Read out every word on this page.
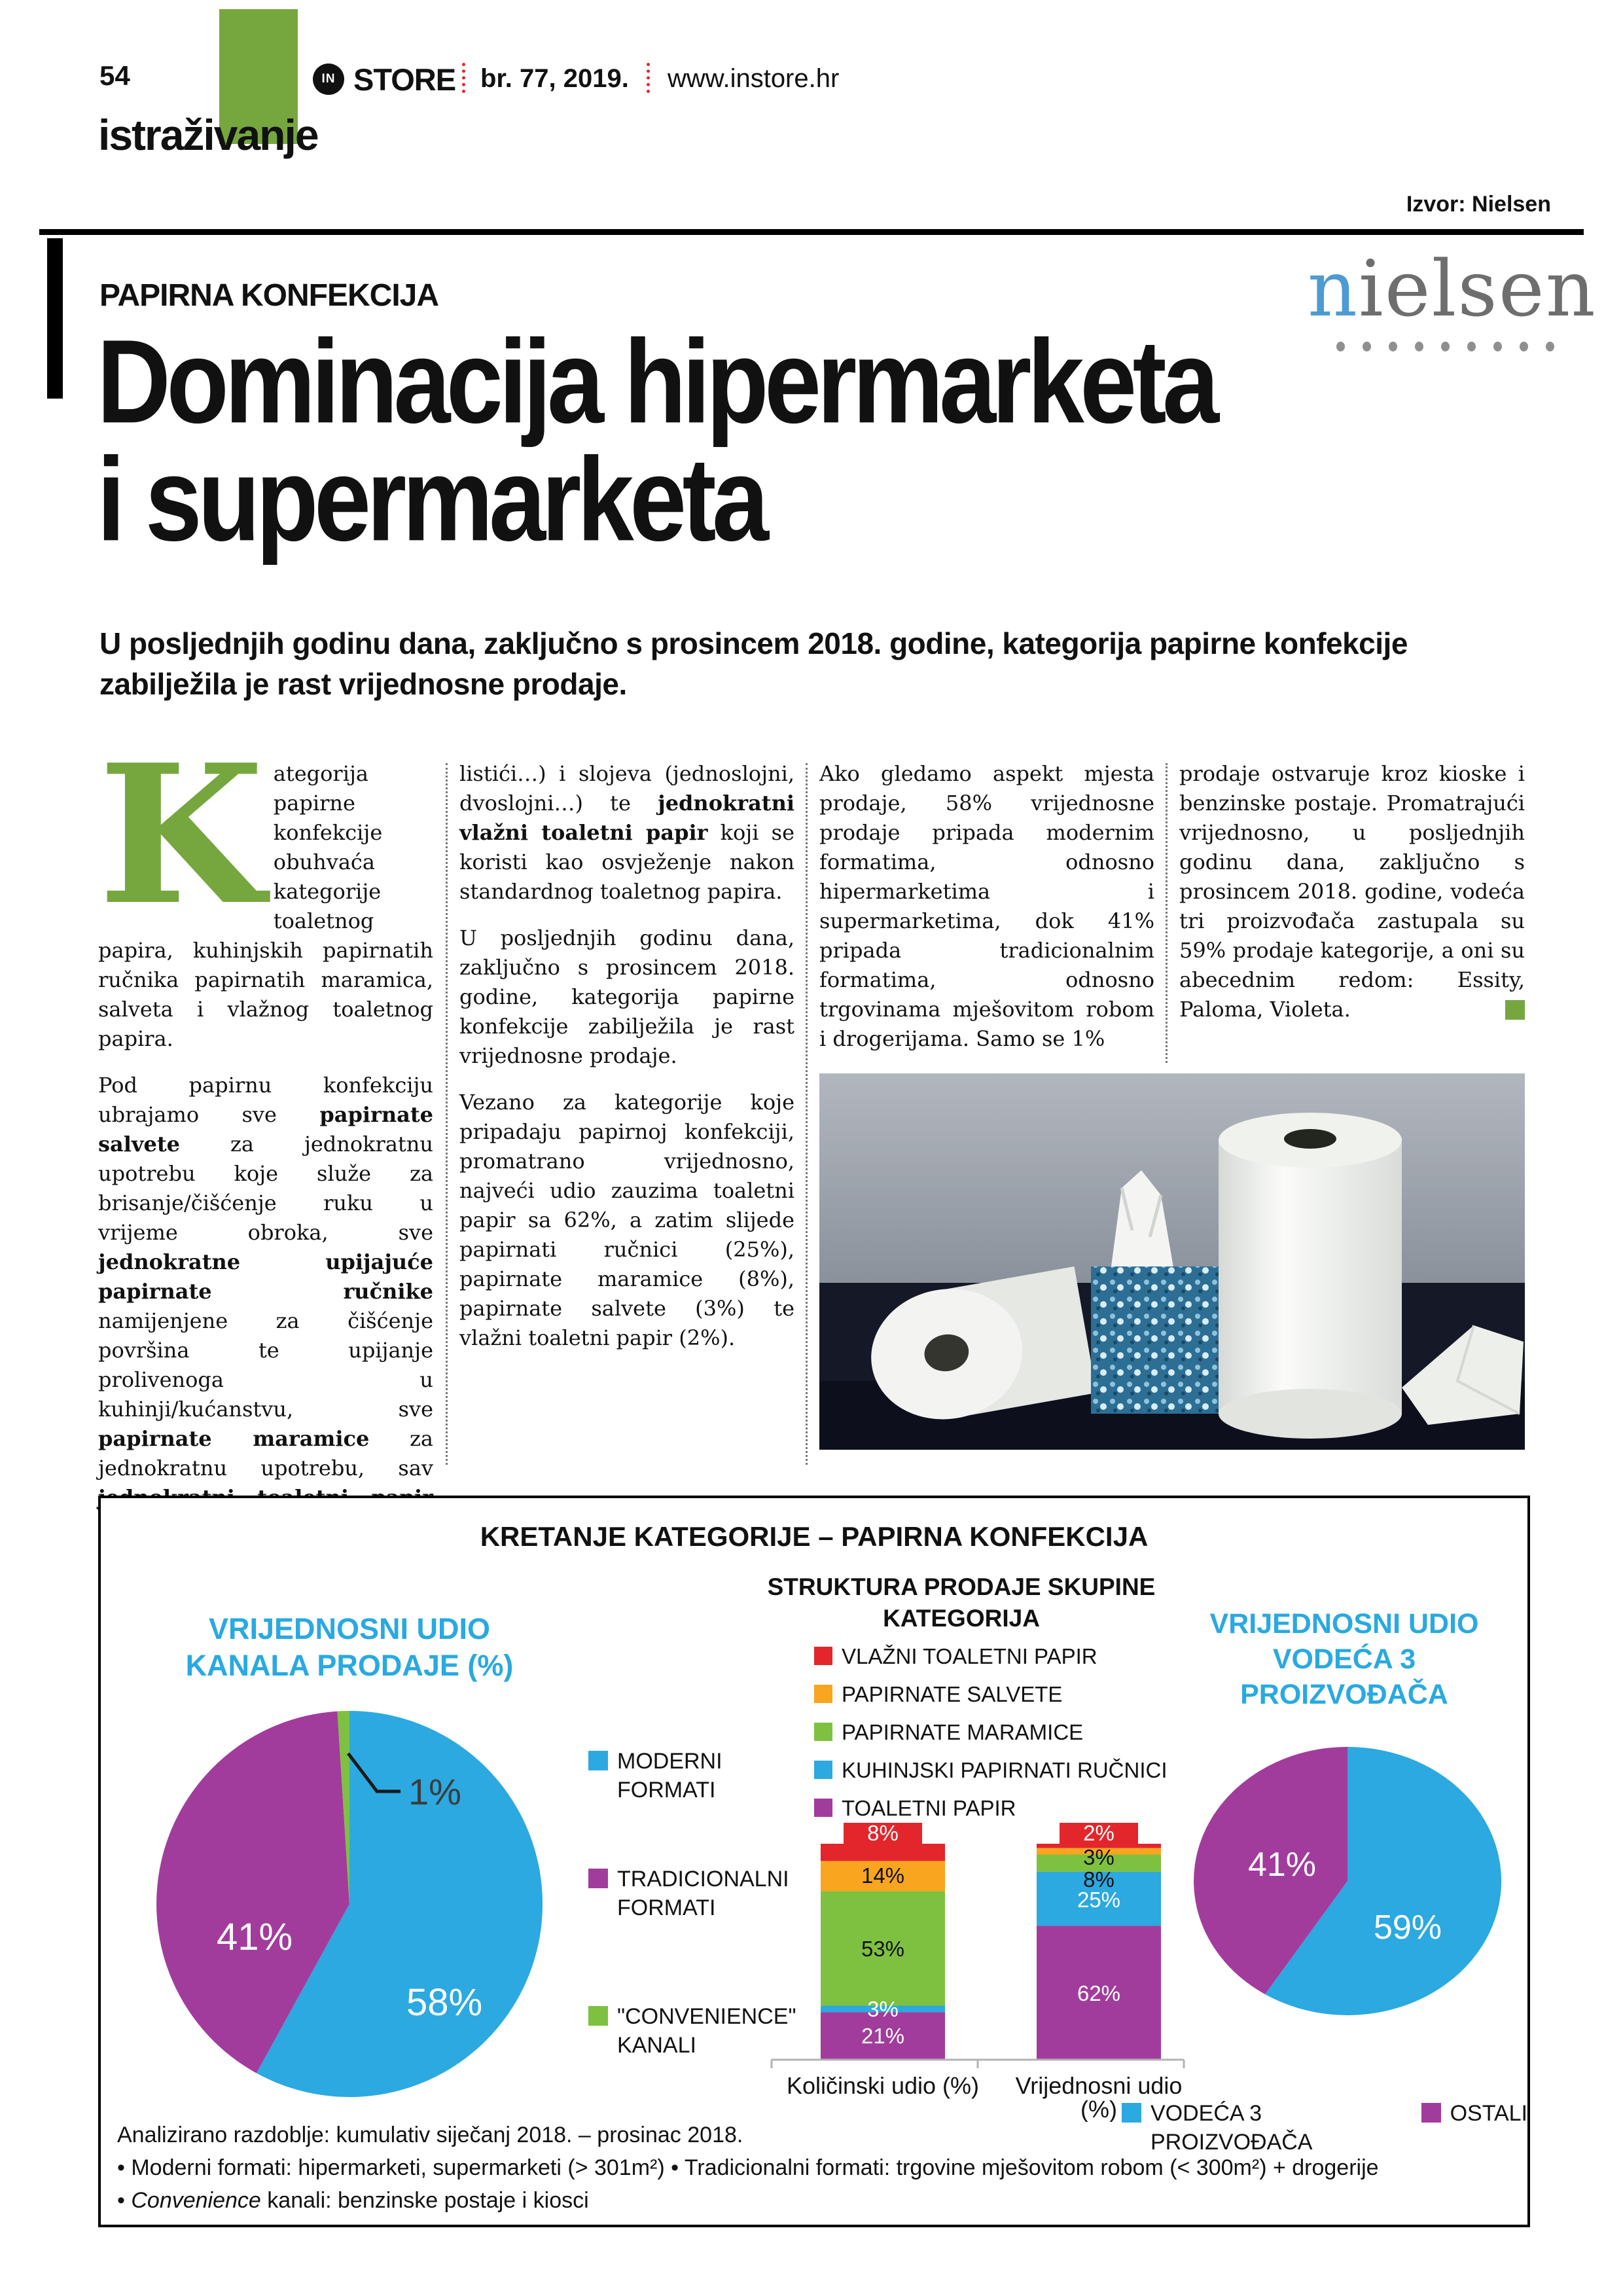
54	IN STORE br. 77, 2019. www.instore.hr
istraživanje
Izvor: Nielsen
PAPIRNA KONFEKCIJA	nielsen
Dominacija hipermarketa
i supermarketa
U posljednjih godinu dana, zaključno s prosincem 2018. godine, kategorija papirne konfekcije zabilježila je rast vrijednosne prodaje.

Kategorija papirne konfekcije obuhvaća kategorije toaletnog papira, kuhinjskih papirnatih ručnika papirnatih maramica, salveta i vlažnog toaletnog papira.

Pod papirnu konfekciju ubrajamo sve papirnate salvete za jednokratnu upotrebu koje služe za brisanje/čišćenje ruku u vrijeme obroka, sve jednokratne upijajuće papirnate ručnike namijenjene za čišćenje površina te upijanje prolivenoga u kuhinji/kućanstvu, sve papirnate maramice za jednokratnu upotrebu, sav

listići…) i slojeva (jednoslojni, dvoslojni…) te jednokratni vlažni toaletni papir koji se koristi kao osvježenje nakon standardnog toaletnog papira.

U posljednjih godinu dana, zaključno s prosincem 2018. godine, kategorija papirne konfekcije zabilježila je rast vrijednosne prodaje.

Vezano za kategorije koje pripadaju papirnoj konfekciji, promatrano vrijednosno, najveći udio zauzima toaletni papir sa 62%, a zatim slijede papirnati ručnici (25%), papirnate maramice (8%), papirnate salvete (3%) te vlažni toaletni papir (2%).

Ako gledamo aspekt mjesta prodaje, 58% vrijednosne prodaje pripada modernim formatima, odnosno hipermarketima i supermarketima, dok 41% pripada tradicionalnim formatima, odnosno trgovinama mješovitom robom i drogerijama. Samo se 1%

prodaje ostvaruje kroz kioske i benzinske postaje. Promatrajući vrijednosno, u posljednjih godinu dana, zaključno s prosincem 2018. godine, vodeća tri proizvođača zastupala su 59% prodaje kategorije, a oni su abecednim redom: Essity, Paloma, Violeta.

KRETANJE KATEGORIJE – PAPIRNA KONFEKCIJA
VRIJEDNOSNI UDIO
KANALA PRODAJE (%)
58%
41%
1%
MODERNI FORMATI
TRADICIONALNI FORMATI
"CONVENIENCE" KANALI
STRUKTURA PRODAJE SKUPINE
KATEGORIJA
VLAŽNI TOALETNI PAPIR
PAPIRNATE SALVETE
PAPIRNATE MARAMICE
KUHINJSKI PAPIRNATI RUČNICI
TOALETNI PAPIR
8%
14%
53%
3%
21%
2%
3%
8%
25%
62%
Količinski udio (%) Vrijednosni udio
(%)
VRIJEDNOSNI UDIO
VODEĆA 3
PROIZVOĐAČA
41%
59%
VODEĆA 3 PROIZVOĐAČA
OSTALI
Analizirano razdoblje: kumulativ siječanj 2018. – prosinac 2018.
• Moderni formati: hipermarketi, supermarketi (> 301m²) • Tradicionalni formati: trgovine mješovitom robom (< 300m²) + drogerije
• Convenience kanali: benzinske postaje i kiosci
